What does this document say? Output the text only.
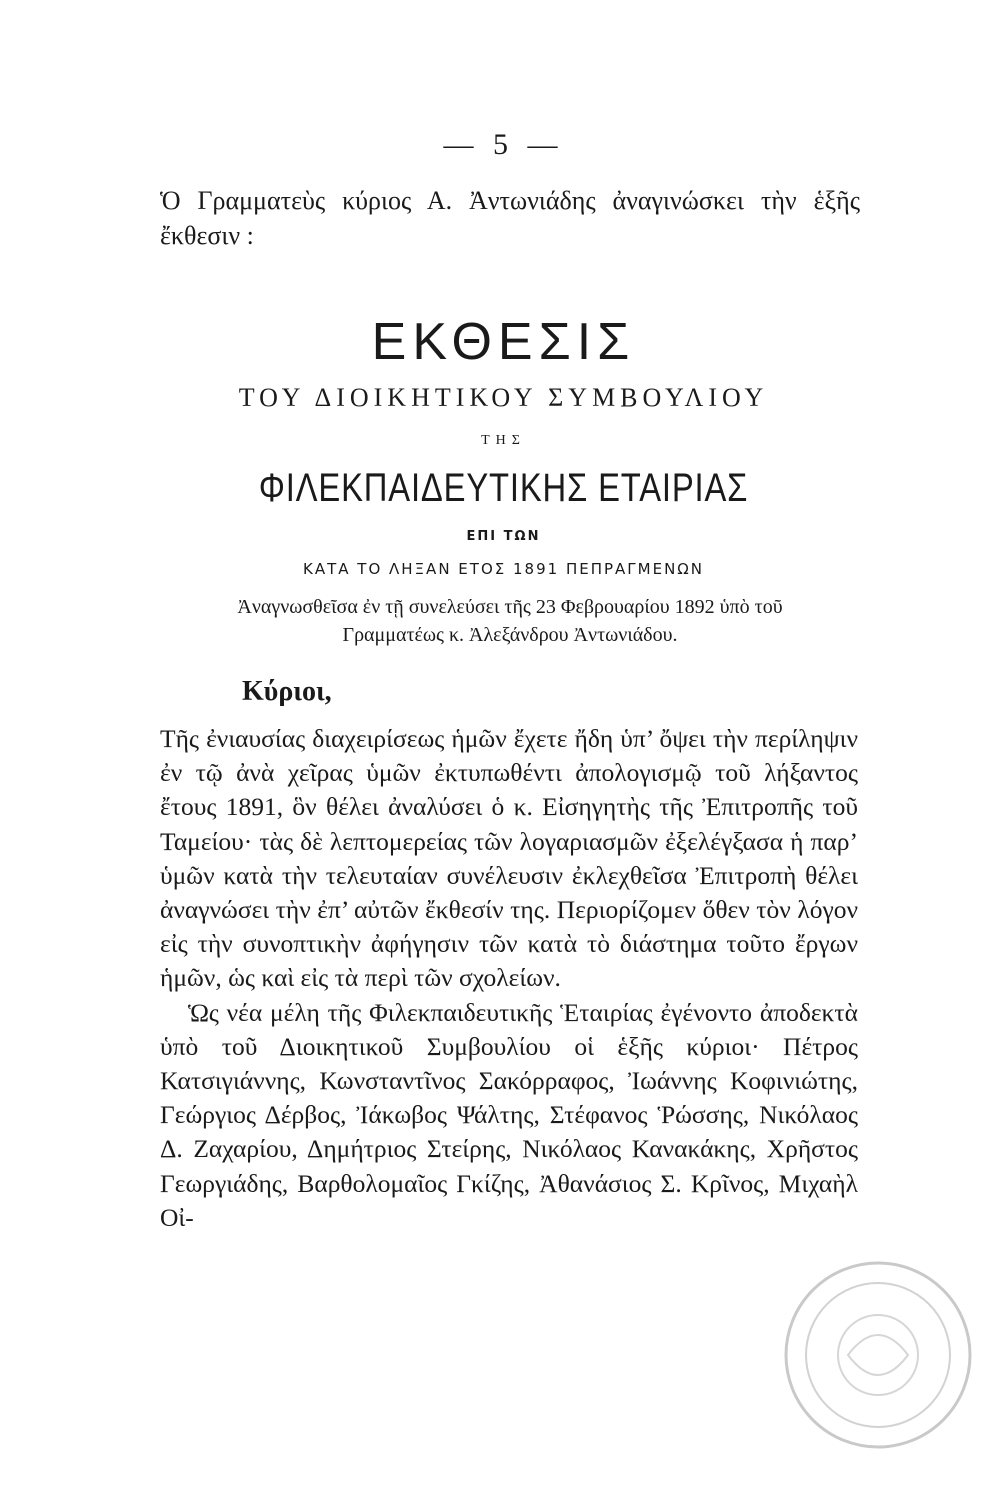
— 5 —
Ὁ Γραμματεὺς κύριος Α. Ἀντωνιάδης ἀναγινώσκει τὴν ἑξῆς ἔκθεσιν :
ΕΚΘΕΣΙΣ
ΤΟΥ ΔΙΟΙΚΗΤΙΚΟΥ ΣΥΜΒΟΥΛΙΟΥ
ΤΗΣ
ΦΙΛΕΚΠΑΙΔΕΥΤΙΚΗΣ ΕΤΑΙΡΙΑΣ
ΕΠΙ ΤΩΝ
ΚΑΤΑ ΤΟ ΛΗΞΑΝ ΕΤΟΣ 1891 ΠΕΠΡΑΓΜΕΝΩΝ
Ἀναγνωσθεῖσα ἐν τῇ συνελεύσει τῆς 23 Φεβρουαρίου 1892 ὑπὸ τοῦ
Γραμματέως κ. Ἀλεξάνδρου Ἀντωνιάδου.
Κύριοι,

Τῆς ἐνιαυσίας διαχειρίσεως ἡμῶν ἔχετε ἤδη ὑπ’ ὄψει τὴν περίληψιν ἐν τῷ ἀνὰ χεῖρας ὑμῶν ἐκτυπωθέντι ἀπολογισμῷ τοῦ λήξαντος ἔτους 1891, ὃν θέλει ἀναλύσει ὁ κ. Εἰσηγητὴς τῆς Ἐπιτροπῆς τοῦ Ταμείου· τὰς δὲ λεπτομερείας τῶν λογαριασμῶν ἐξελέγξασα ἡ παρ’ ὑμῶν κατὰ τὴν τελευταίαν συνέλευσιν ἐκλεχθεῖσα Ἐπιτροπὴ θέλει ἀναγνώσει τὴν ἐπ’ αὐτῶν ἔκθεσίν της. Περιορίζομεν ὅθεν τὸν λόγον εἰς τὴν συνοπτικὴν ἀφήγησιν τῶν κατὰ τὸ διάστημα τοῦτο ἔργων ἡμῶν, ὡς καὶ εἰς τὰ περὶ τῶν σχολείων.

Ὡς νέα μέλη τῆς Φιλεκπαιδευτικῆς Ἑταιρίας ἐγένοντο ἀποδεκτὰ ὑπὸ τοῦ Διοικητικοῦ Συμβουλίου οἱ ἑξῆς κύριοι· Πέτρος Κατσιγιάννης, Κωνσταντῖνος Σακόρραφος, Ἰωάννης Κοφινιώτης, Γεώργιος Δέρβος, Ἰάκωβος Ψάλτης, Στέφανος Ῥώσσης, Νικόλαος Δ. Ζαχαρίου, Δημήτριος Στείρης, Νικόλαος Κανακάκης, Χρῆστος Γεωργιάδης, Βαρθολομαῖος Γκίζης, Ἀθανάσιος Σ. Κρῖνος, Μιχαὴλ Οἰ-
